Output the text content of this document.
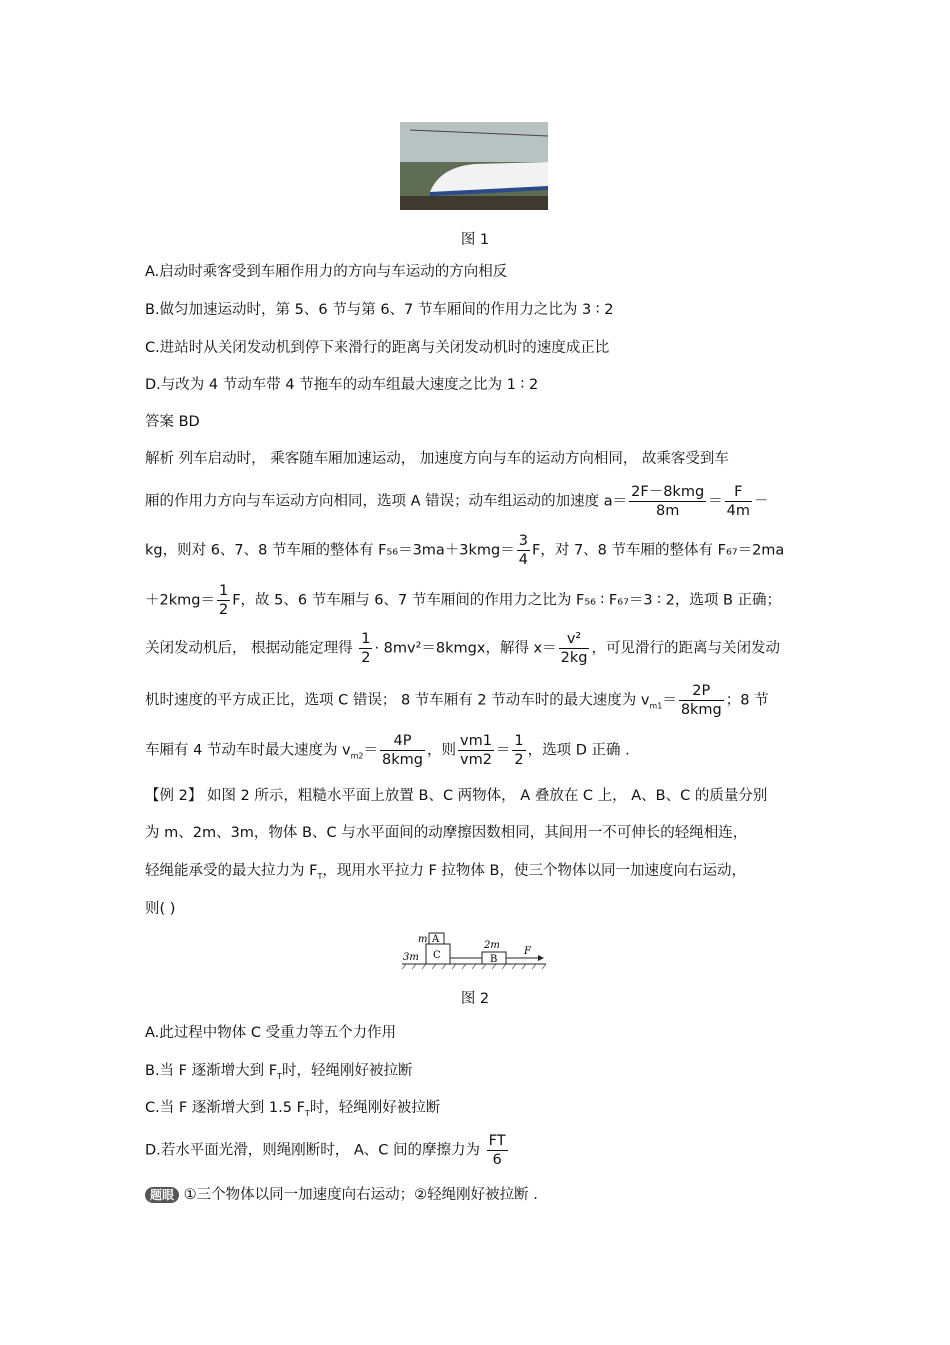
图 1
A.启动时乘客受到车厢作用力的方向与车运动的方向相反
B.做匀加速运动时，第 5、6 节与第 6、7 节车厢间的作用力之比为 3 ∶ 2
C.进站时从关闭发动机到停下来滑行的距离与关闭发动机时的速度成正比
D.与改为 4 节动车带 4 节拖车的动车组最大速度之比为 1 ∶ 2
答案 BD
解析 列车启动时， 乘客随车厢加速运动， 加速度方向与车的运动方向相同， 故乘客受到车
厢的作用力方向与车运动方向相同，选项 A 错误；动车组运动的加速度 $a= \frac{\text{2F－8kmg}}{8m} = \frac{F}{4m}$ －
kg，则对 6、7、8 节车厢的整体有 $F_{56}=3ma+3kmg= \frac{3}{4}$ F，对 7、8 节车厢的整体有 F₆₇＝2ma
$+2kmg= \frac{1}{2}$ F，故 5、6 节车厢与 6、7 节车厢间的作用力之比为 F₅₆ ∶ F₆₇＝3 ∶ 2，选项 B 正确；
关闭发动机后， 根据动能定理得 $\frac{1}{2}$ · 8mv²＝8kmgx，解得 $x= \frac{\text{v²}}{2kg}$ ，可见滑行的距离与关闭发动
机时速度的平方成正比，选项 C 错误； 8 节车厢有 2 节动车时的最大速度为 $v_{m1}= \frac{2P}{\text{8kmg}}$ ；8 节
车厢有 4 节动车时最大速度为 $v_{m2}= \frac{4P}{\text{8kmg}}$ ，则 $\frac{vm1}{vm2} = \frac{1}{2}$ ，选项 D 正确 .
【例 2】 如图 2 所示，粗糙水平面上放置 B、C 两物体， A 叠放在 C 上， A、B、C 的质量分别
为 m、2m、3m，物体 B、C 与水平面间的动摩擦因数相同，其间用一不可伸长的轻绳相连，
轻绳能承受的最大拉力为 $F_T$，现用水平拉力 F 拉物体 B，使三个物体以同一加速度向右运动，
则( )
m A
3m C
2m
B
F
图 2
A.此过程中物体 C 受重力等五个力作用
B.当 F 逐渐增大到 $F_T$时，轻绳刚好被拉断
C.当 F 逐渐增大到 1.5 $F_T$时，轻绳刚好被拉断
D.若水平面光滑，则绳刚断时， A、C 间的摩擦力为 $\frac{FT}{6}$
题眼 ①三个物体以同一加速度向右运动；②轻绳刚好被拉断 .
